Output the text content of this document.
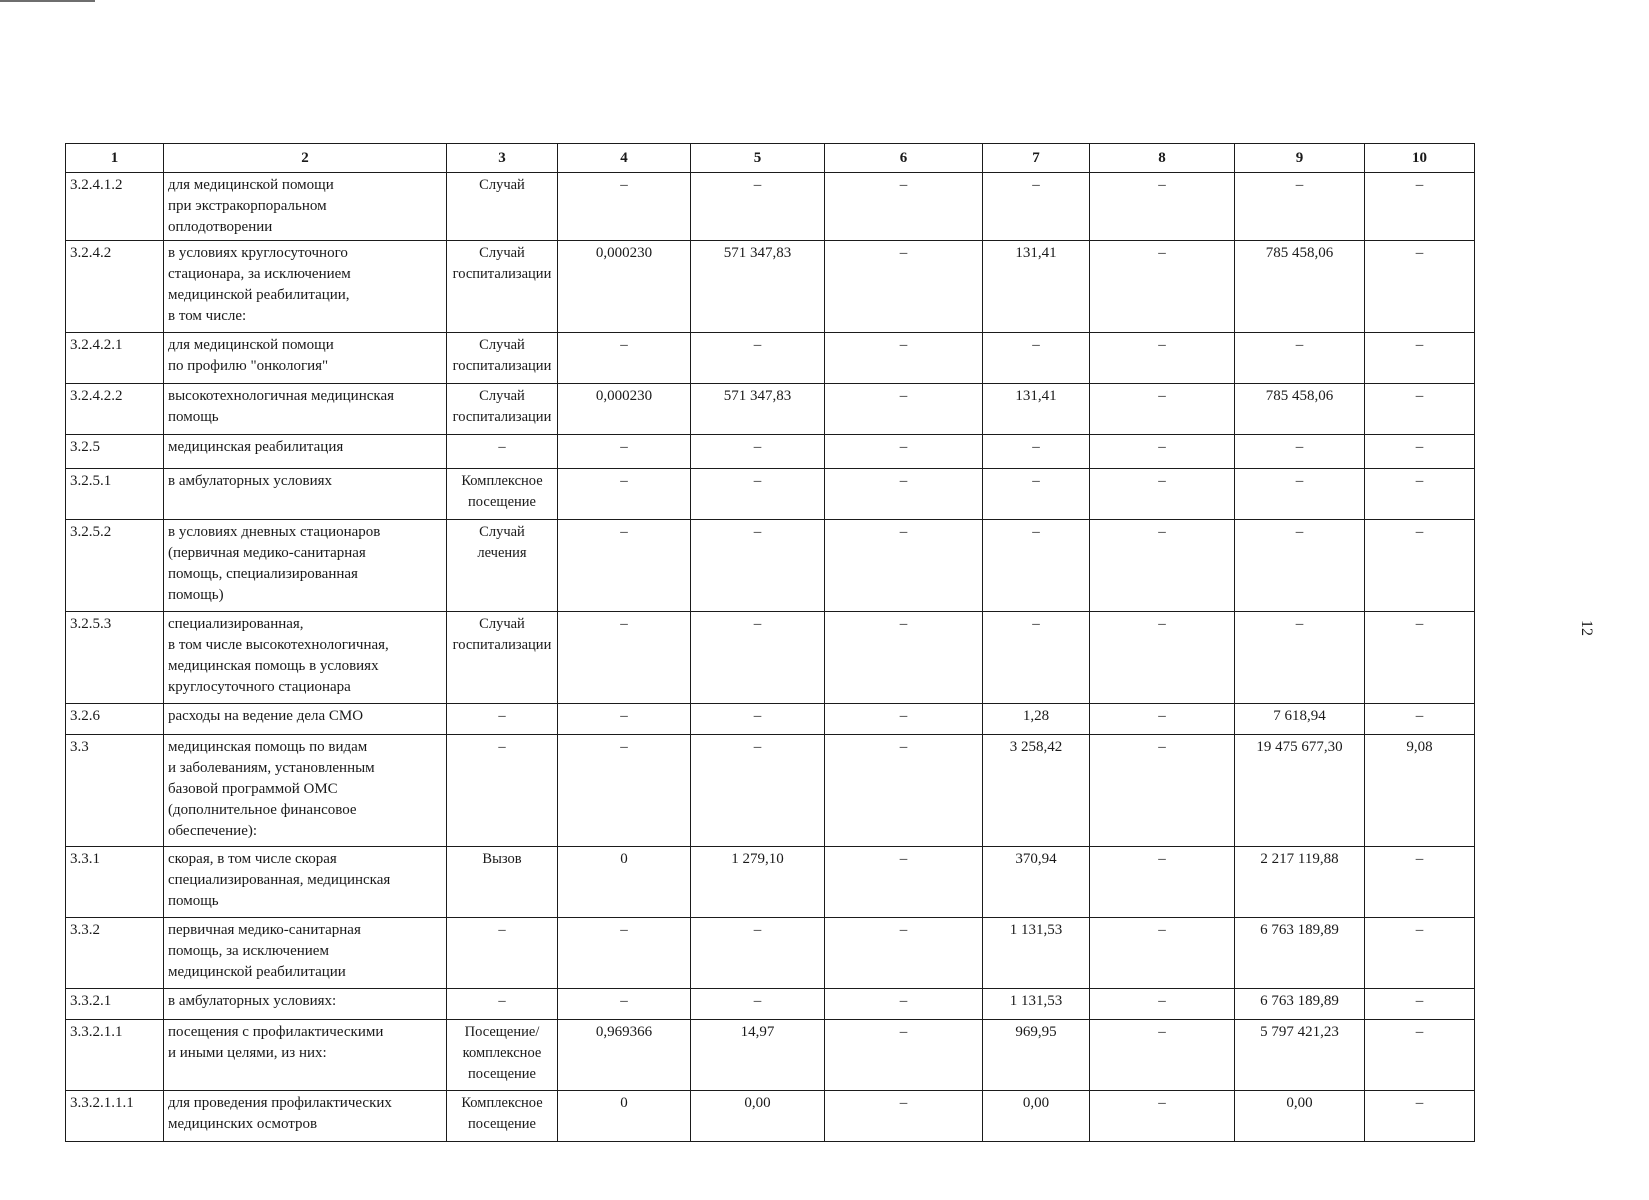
12
1	2	3	4	5	6	7	8	9	10
3.2.4.1.2	для медицинской помощи
при экстракорпоральном
оплодотворении	Случай	–	–	–	–	–	–	–
3.2.4.2	в условиях круглосуточного
стационара, за исключением
медицинской реабилитации,
в том числе:	Случай
госпитализации	0,000230	571 347,83	–	131,41	–	785 458,06	–
3.2.4.2.1	для медицинской помощи
по профилю "онкология"	Случай
госпитализации	–	–	–	–	–	–	–
3.2.4.2.2	высокотехнологичная медицинская
помощь	Случай
госпитализации	0,000230	571 347,83	–	131,41	–	785 458,06	–
3.2.5	медицинская реабилитация	–	–	–	–	–	–	–	–
3.2.5.1	в амбулаторных условиях	Комплексное
посещение	–	–	–	–	–	–	–
3.2.5.2	в условиях дневных стационаров
(первичная медико-санитарная
помощь, специализированная
помощь)	Случай
лечения	–	–	–	–	–	–	–
3.2.5.3	специализированная,
в том числе высокотехнологичная,
медицинская помощь в условиях
круглосуточного стационара	Случай
госпитализации	–	–	–	–	–	–	–
3.2.6	расходы на ведение дела СМО	–	–	–	–	1,28	–	7 618,94	–
3.3	медицинская помощь по видам
и заболеваниям, установленным
базовой программой ОМС
(дополнительное финансовое
обеспечение):	–	–	–	–	3 258,42	–	19 475 677,30	9,08
3.3.1	скорая, в том числе скорая
специализированная, медицинская
помощь	Вызов	0	1 279,10	–	370,94	–	2 217 119,88	–
3.3.2	первичная медико-санитарная
помощь, за исключением
медицинской реабилитации	–	–	–	–	1 131,53	–	6 763 189,89	–
3.3.2.1	в амбулаторных условиях:	–	–	–	–	1 131,53	–	6 763 189,89	–
3.3.2.1.1	посещения с профилактическими
и иными целями, из них:	Посещение/
комплексное
посещение	0,969366	14,97	–	969,95	–	5 797 421,23	–
3.3.2.1.1.1	для проведения профилактических
медицинских осмотров	Комплексное
посещение	0	0,00	–	0,00	–	0,00	–
